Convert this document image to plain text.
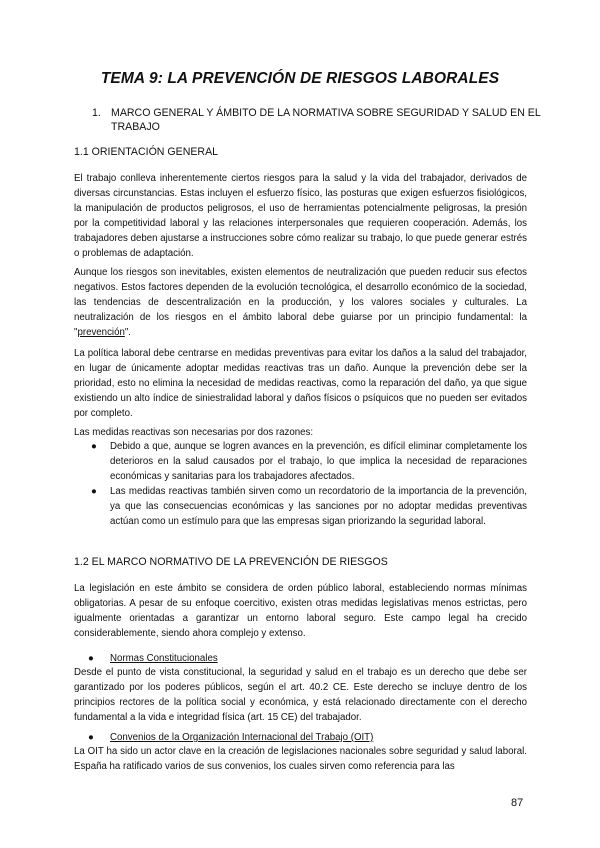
TEMA 9: LA PREVENCIÓN DE RIESGOS LABORALES
1. MARCO GENERAL Y ÁMBITO DE LA NORMATIVA SOBRE SEGURIDAD Y SALUD EN EL TRABAJO
1.1 ORIENTACIÓN GENERAL
El trabajo conlleva inherentemente ciertos riesgos para la salud y la vida del trabajador, derivados de diversas circunstancias. Estas incluyen el esfuerzo físico, las posturas que exigen esfuerzos fisiológicos, la manipulación de productos peligrosos, el uso de herramientas potencialmente peligrosas, la presión por la competitividad laboral y las relaciones interpersonales que requieren cooperación. Además, los trabajadores deben ajustarse a instrucciones sobre cómo realizar su trabajo, lo que puede generar estrés o problemas de adaptación.
Aunque los riesgos son inevitables, existen elementos de neutralización que pueden reducir sus efectos negativos. Estos factores dependen de la evolución tecnológica, el desarrollo económico de la sociedad, las tendencias de descentralización en la producción, y los valores sociales y culturales. La neutralización de los riesgos en el ámbito laboral debe guiarse por un principio fundamental: la "prevención".
La política laboral debe centrarse en medidas preventivas para evitar los daños a la salud del trabajador, en lugar de únicamente adoptar medidas reactivas tras un daño. Aunque la prevención debe ser la prioridad, esto no elimina la necesidad de medidas reactivas, como la reparación del daño, ya que sigue existiendo un alto índice de siniestralidad laboral y daños físicos o psíquicos que no pueden ser evitados por completo.
Las medidas reactivas son necesarias por dos razones:
● Debido a que, aunque se logren avances en la prevención, es difícil eliminar completamente los deterioros en la salud causados por el trabajo, lo que implica la necesidad de reparaciones económicas y sanitarias para los trabajadores afectados.
● Las medidas reactivas también sirven como un recordatorio de la importancia de la prevención, ya que las consecuencias económicas y las sanciones por no adoptar medidas preventivas actúan como un estímulo para que las empresas sigan priorizando la seguridad laboral.
1.2 EL MARCO NORMATIVO DE LA PREVENCIÓN DE RIESGOS
La legislación en este ámbito se considera de orden público laboral, estableciendo normas mínimas obligatorias. A pesar de su enfoque coercitivo, existen otras medidas legislativas menos estrictas, pero igualmente orientadas a garantizar un entorno laboral seguro. Este campo legal ha crecido considerablemente, siendo ahora complejo y extenso.
● Normas Constitucionales
Desde el punto de vista constitucional, la seguridad y salud en el trabajo es un derecho que debe ser garantizado por los poderes públicos, según el art. 40.2 CE. Este derecho se incluye dentro de los principios rectores de la política social y económica, y está relacionado directamente con el derecho fundamental a la vida e integridad física (art. 15 CE) del trabajador.
● Convenios de la Organización Internacional del Trabajo (OIT)
La OIT ha sido un actor clave en la creación de legislaciones nacionales sobre seguridad y salud laboral. España ha ratificado varios de sus convenios, los cuales sirven como referencia para las
87
